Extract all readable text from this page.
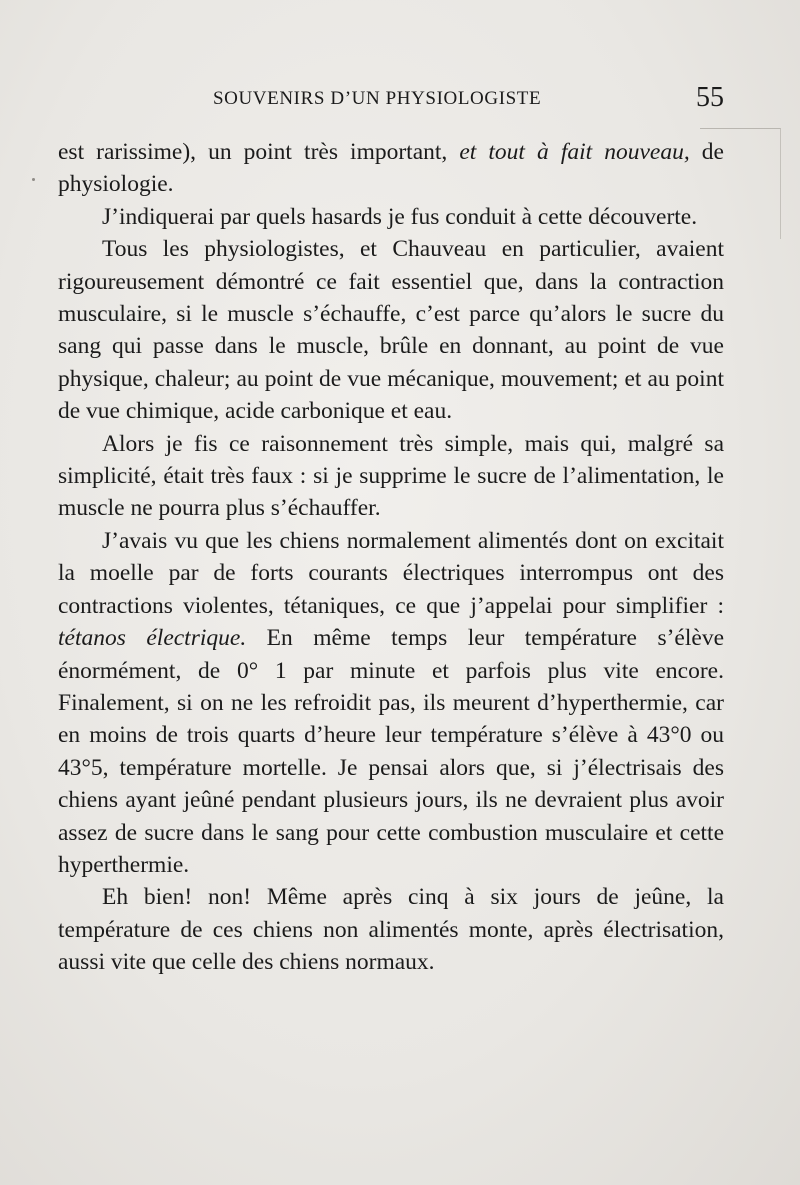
SOUVENIRS D’UN PHYSIOLOGISTE	55

est rarissime), un point très important, et tout à fait nouveau, de physiologie.

J’indiquerai par quels hasards je fus conduit à cette découverte.

Tous les physiologistes, et Chauveau en particulier, avaient rigoureusement démontré ce fait essentiel que, dans la contraction musculaire, si le muscle s’échauffe, c’est parce qu’alors le sucre du sang qui passe dans le muscle, brûle en donnant, au point de vue physique, chaleur; au point de vue mécanique, mouvement; et au point de vue chimique, acide carbonique et eau.

Alors je fis ce raisonnement très simple, mais qui, malgré sa simplicité, était très faux : si je supprime le sucre de l’alimentation, le muscle ne pourra plus s’échauffer.

J’avais vu que les chiens normalement alimentés dont on excitait la moelle par de forts courants électriques interrompus ont des contractions violentes, tétaniques, ce que j’appelai pour simplifier : tétanos électrique. En même temps leur température s’élève énormément, de 0° 1 par minute et parfois plus vite encore. Finalement, si on ne les refroidit pas, ils meurent d’hyperthermie, car en moins de trois quarts d’heure leur température s’élève à 43°0 ou 43°5, température mortelle. Je pensai alors que, si j’électrisais des chiens ayant jeûné pendant plusieurs jours, ils ne devraient plus avoir assez de sucre dans le sang pour cette combustion musculaire et cette hyperthermie.

Eh bien! non! Même après cinq à six jours de jeûne, la température de ces chiens non alimentés monte, après électrisation, aussi vite que celle des chiens normaux.
